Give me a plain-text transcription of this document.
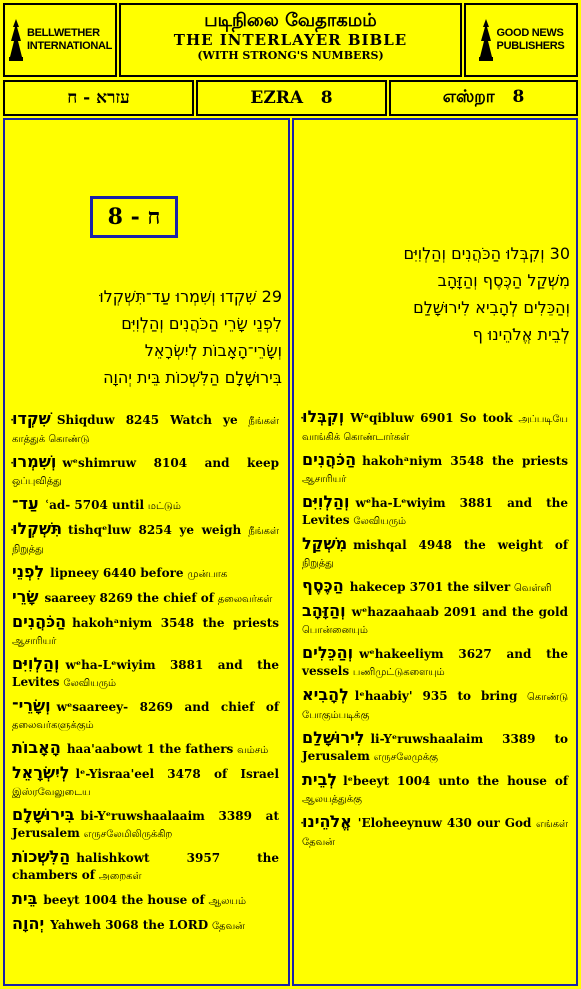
BELLWETHER
INTERNATIONAL
படிநிலை வேதாகமம்
THE INTERLAYER BIBLE
(WITH STRONG'S NUMBERS)
GOOD NEWS
PUBLISHERS
עזרא - ח	EZRA   8	எஸ்றா   8
ח - 8
29 שִׁקְדוּ וְשִׁמְרוּ עַד־תִּשְׁקְלוּ
לִפְנֵי שָׂרֵי הַכֹּהֲנִים וְהַלְוִיִּם
וְשָׂרֵי־הָאָבוֹת לְיִשְׂרָאֵל
בִּירוּשָׁלִָם הַלִּשְׁכוֹת בֵּית יְהוָה
30 וְקִבְּלוּ הַכֹּהֲנִים וְהַלְוִיִּם
מִשְׁקַל הַכֶּסֶף וְהַזָּהָב
וְהַכֵּלִים לְהָבִיא לִירוּשָׁלִַם
לְבֵית אֱלֹהֵינוּ ף
שִׁקְדוּ Shiqduw 8245 Watch ye நீங்கள் காத்துக் கொண்டு
וְשִׁמְרוּ wᵉshimruw 8104 and keep ஒப்புவித்து
עַד־ ʿad- 5704 until மட்டும்
תִּשְׁקְלוּ tishqᵉluw 8254 ye weigh நீங்கள் நிறுத்து
לִפְנֵי lipneey 6440 before முன்பாக
שָׂרֵי saareey 8269 the chief of தலைவர்கள்
הַכֹּהֲנִים hakohᵃniym 3548 the priests ஆசாரியர்
וְהַלְוִיִּם wᵉha-Lᵉwiyim 3881 and the Levites லேவியரும்
וְשָׂרֵי־ wᵉsaareey- 8269 and chief of தலைவர்களுக்கும்
הָאָבוֹת haa'aabowt 1 the fathers வம்சம்
לְיִשְׂרָאֵל lᵉ-Yisraa'eel 3478 of Israel இஸ்ரவேலுடைய
בִּירוּשָׁלִָם bi-Yᵉruwshaalaaim 3389 at Jerusalem எருசலேமிலிருக்கிற
הַלִּשְׁכוֹת halishkowt 3957 the chambers of அறைகள்
בֵּית beeyt 1004 the house of ஆலயம்
יְהוָה Yahweh 3068 the LORD தேவன்
וְקִבְּלוּ Wᵉqibluw 6901 So took அப்படியே வாங்கிக் கொண்டார்கள்
הַכֹּהֲנִים hakohᵃniym 3548 the priests ஆசாரியர்
וְהַלְוִיִּם wᵉha-Lᵉwiyim 3881 and the Levites லேவியரும்
מִשְׁקַל mishqal 4948 the weight of நிறுத்து
הַכֶּסֶף hakecep 3701 the silver வெள்ளி
וְהַזָּהָב wᵉhazaahaab 2091 and the gold பொன்னையும்
וְהַכֵּלִים wᵉhakeeliym 3627 and the vessels பணிமுட்டுகளையும்
לְהָבִיא lᵉhaabiy' 935 to bring கொண்டு போகும்படிக்கு
לִירוּשָׁלִַם li-Yᵉruwshaalaim 3389 to Jerusalem எருசலேமுக்கு
לְבֵית lᵉbeeyt 1004 unto the house of ஆலயத்துக்கு
אֱלֹהֵינוּ 'Eloheeynuw 430 our God எங்கள் தேவன்
